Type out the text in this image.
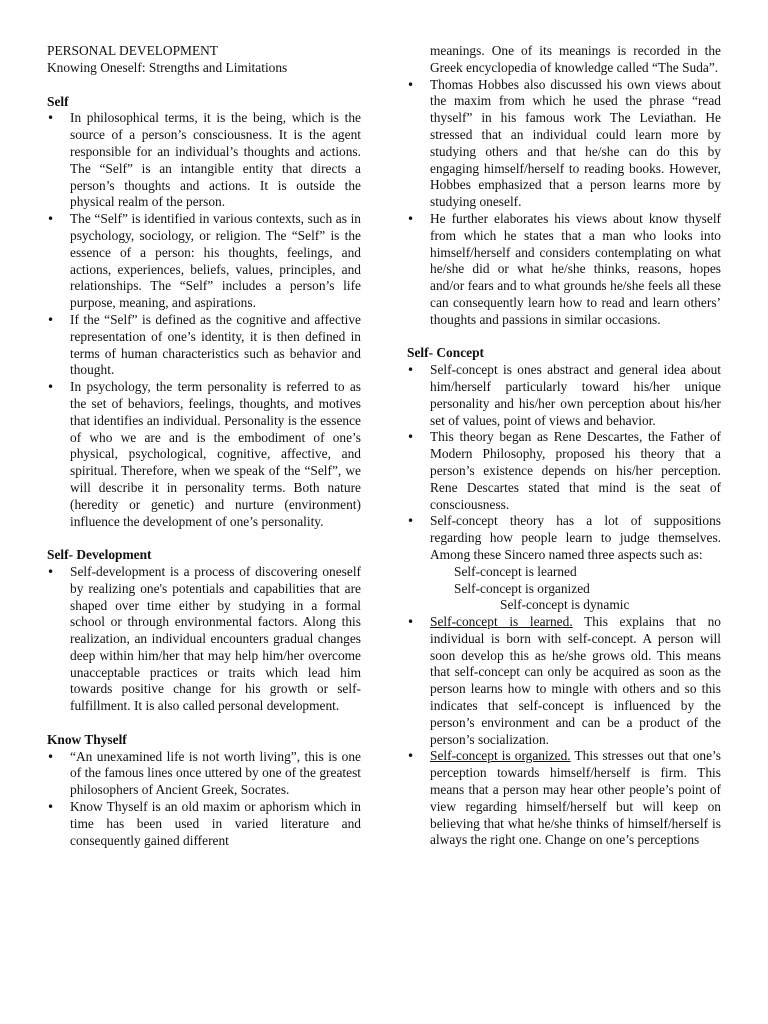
PERSONAL DEVELOPMENT
Knowing Oneself: Strengths and Limitations
Self
• In philosophical terms, it is the being, which is the source of a person’s consciousness. It is the agent responsible for an individual’s thoughts and actions. The “Self” is an intangible entity that directs a person’s thoughts and actions. It is outside the physical realm of the person.
• The “Self” is identified in various contexts, such as in psychology, sociology, or religion. The “Self” is the essence of a person: his thoughts, feelings, and actions, experiences, beliefs, values, principles, and relationships. The “Self” includes a person’s life purpose, meaning, and aspirations.
• If the “Self” is defined as the cognitive and affective representation of one’s identity, it is then defined in terms of human characteristics such as behavior and thought.
• In psychology, the term personality is referred to as the set of behaviors, feelings, thoughts, and motives that identifies an individual. Personality is the essence of who we are and is the embodiment of one’s physical, psychological, cognitive, affective, and spiritual. Therefore, when we speak of the “Self”, we will describe it in personality terms. Both nature (heredity or genetic) and nurture (environment) influence the development of one’s personality.
Self- Development
• Self-development is a process of discovering oneself by realizing one's potentials and capabilities that are shaped over time either by studying in a formal school or through environmental factors. Along this realization, an individual encounters gradual changes deep within him/her that may help him/her overcome unacceptable practices or traits which lead him towards positive change for his growth or self-fulfillment. It is also called personal development.
Know Thyself
• “An unexamined life is not worth living”, this is one of the famous lines once uttered by one of the greatest philosophers of Ancient Greek, Socrates.
• Know Thyself is an old maxim or aphorism which in time has been used in varied literature and consequently gained different

meanings. One of its meanings is recorded in the Greek encyclopedia of knowledge called “The Suda”.

• Thomas Hobbes also discussed his own views about the maxim from which he used the phrase “read thyself” in his famous work The Leviathan. He stressed that an individual could learn more by studying others and that he/she can do this by engaging himself/herself to reading books. However, Hobbes emphasized that a person learns more by studying oneself.
• He further elaborates his views about know thyself from which he states that a man who looks into himself/herself and considers contemplating on what he/she did or what he/she thinks, reasons, hopes and/or fears and to what grounds he/she feels all these can consequently learn how to read and learn others’ thoughts and passions in similar occasions.
Self- Concept
• Self-concept is ones abstract and general idea about him/herself particularly toward his/her unique personality and his/her own perception about his/her set of values, point of views and behavior.
• This theory began as Rene Descartes, the Father of Modern Philosophy, proposed his theory that a person’s existence depends on his/her perception. Rene Descartes stated that mind is the seat of consciousness.
• Self-concept theory has a lot of suppositions regarding how people learn to judge themselves. Among these Sincero named three aspects such as:

Self-concept is learned

Self-concept is organized

Self-concept is dynamic

• Self-concept is learned. This explains that no individual is born with self-concept. A person will soon develop this as he/she grows old. This means that self-concept can only be acquired as soon as the person learns how to mingle with others and so this indicates that self-concept is influenced by the person’s environment and can be a product of the person’s socialization.
• Self-concept is organized. This stresses out that one’s perception towards himself/herself is firm. This means that a person may hear other people’s point of view regarding himself/herself but will keep on believing that what he/she thinks of himself/herself is always the right one. Change on one’s perceptions
